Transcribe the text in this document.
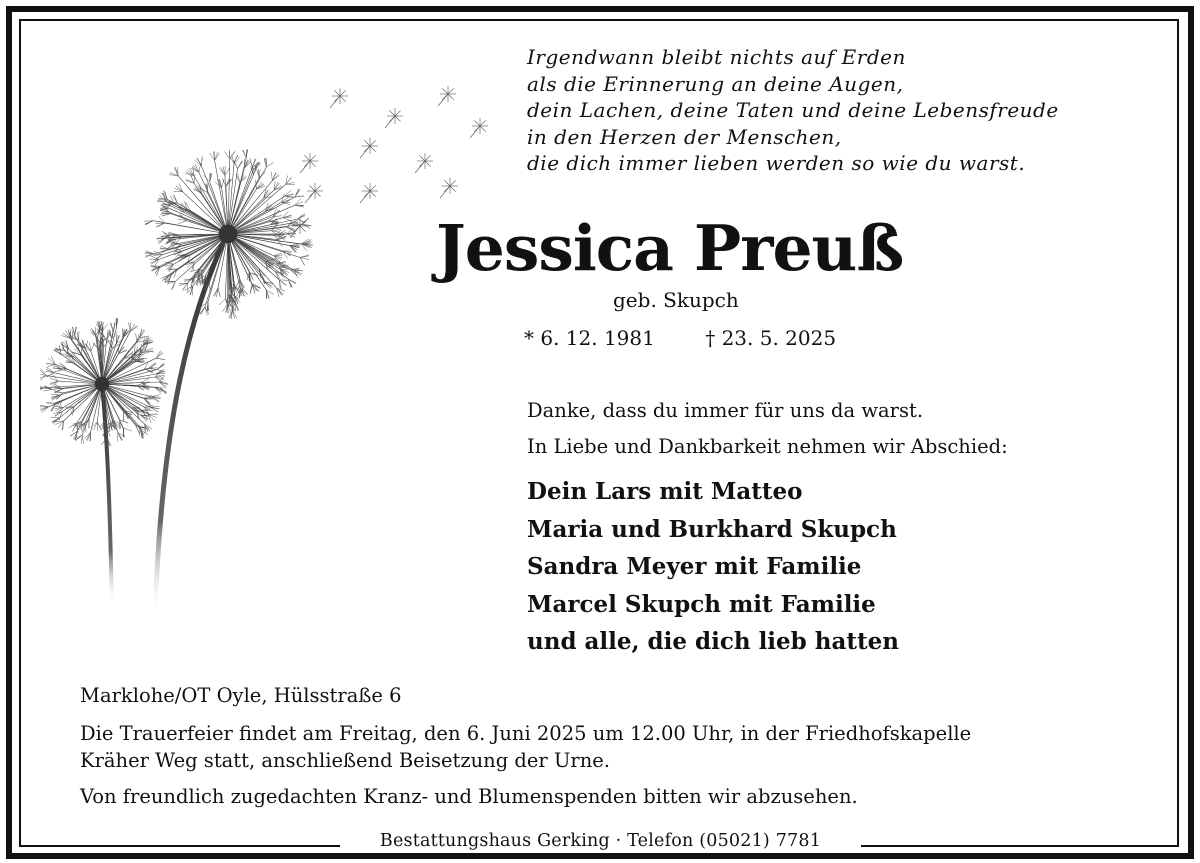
Irgendwann bleibt nichts auf Erden
als die Erinnerung an deine Augen,
dein Lachen, deine Taten und deine Lebensfreude
in den Herzen der Menschen,
die dich immer lieben werden so wie du warst.
Jessica Preuß
geb. Skupch
* 6. 12. 1981	† 23. 5. 2025
Danke, dass du immer für uns da warst.
In Liebe und Dankbarkeit nehmen wir Abschied:
Dein Lars mit Matteo
Maria und Burkhard Skupch
Sandra Meyer mit Familie
Marcel Skupch mit Familie
und alle, die dich lieb hatten
Marklohe/OT Oyle, Hülsstraße 6
Die Trauerfeier findet am Freitag, den 6. Juni 2025 um 12.00 Uhr, in der Friedhofskapelle
Kräher Weg statt, anschließend Beisetzung der Urne.
Von freundlich zugedachten Kranz- und Blumenspenden bitten wir abzusehen.
Bestattungshaus Gerking · Telefon (05021) 7781
